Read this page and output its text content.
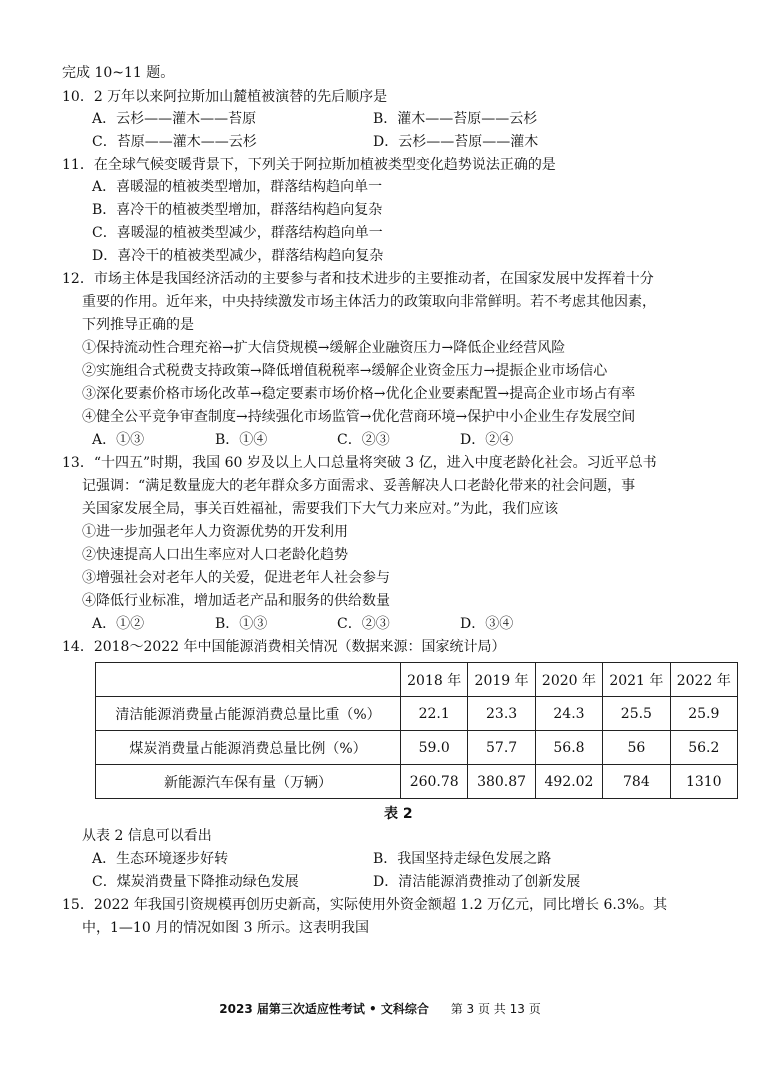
完成 10~11 题。
10．2 万年以来阿拉斯加山麓植被演替的先后顺序是
A．云杉——灌木——苔原	B．灌木——苔原——云杉
C．苔原——灌木——云杉	D．云杉——苔原——灌木
11．在全球气候变暖背景下，下列关于阿拉斯加植被类型变化趋势说法正确的是
A．喜暖湿的植被类型增加，群落结构趋向单一
B．喜冷干的植被类型增加，群落结构趋向复杂
C．喜暖湿的植被类型减少，群落结构趋向单一
D．喜冷干的植被类型减少，群落结构趋向复杂
12．市场主体是我国经济活动的主要参与者和技术进步的主要推动者，在国家发展中发挥着十分
重要的作用。近年来，中央持续激发市场主体活力的政策取向非常鲜明。若不考虑其他因素，
下列推导正确的是
①保持流动性合理充裕→扩大信贷规模→缓解企业融资压力→降低企业经营风险
②实施组合式税费支持政策→降低增值税税率→缓解企业资金压力→提振企业市场信心
③深化要素价格市场化改革→稳定要素市场价格→优化企业要素配置→提高企业市场占有率
④健全公平竞争审查制度→持续强化市场监管→优化营商环境→保护中小企业生存发展空间
A．①③	B．①④	C．②③	D．②④
13．“十四五”时期，我国 60 岁及以上人口总量将突破 3 亿，进入中度老龄化社会。习近平总书
记强调：“满足数量庞大的老年群众多方面需求、妥善解决人口老龄化带来的社会问题，事
关国家发展全局，事关百姓福祉，需要我们下大气力来应对。”为此，我们应该
①进一步加强老年人力资源优势的开发利用
②快速提高人口出生率应对人口老龄化趋势
③增强社会对老年人的关爱，促进老年人社会参与
④降低行业标准，增加适老产品和服务的供给数量
A．①②	B．①③	C．②③	D．③④
14．2018～2022 年中国能源消费相关情况（数据来源：国家统计局）
	2018 年	2019 年	2020 年	2021 年	2022 年
清洁能源消费量占能源消费总量比重（%）	22.1	23.3	24.3	25.5	25.9
煤炭消费量占能源消费总量比例（%）	59.0	57.7	56.8	56	56.2
新能源汽车保有量（万辆）	260.78	380.87	492.02	784	1310
表 2
从表 2 信息可以看出
A．生态环境逐步好转	B．我国坚持走绿色发展之路
C．煤炭消费量下降推动绿色发展	D．清洁能源消费推动了创新发展
15．2022 年我国引资规模再创历史新高，实际使用外资金额超 1.2 万亿元，同比增长 6.3%。其
中，1—10 月的情况如图 3 所示。这表明我国
2023 届第三次适应性考试 • 文科综合 第 3 页 共 13 页
